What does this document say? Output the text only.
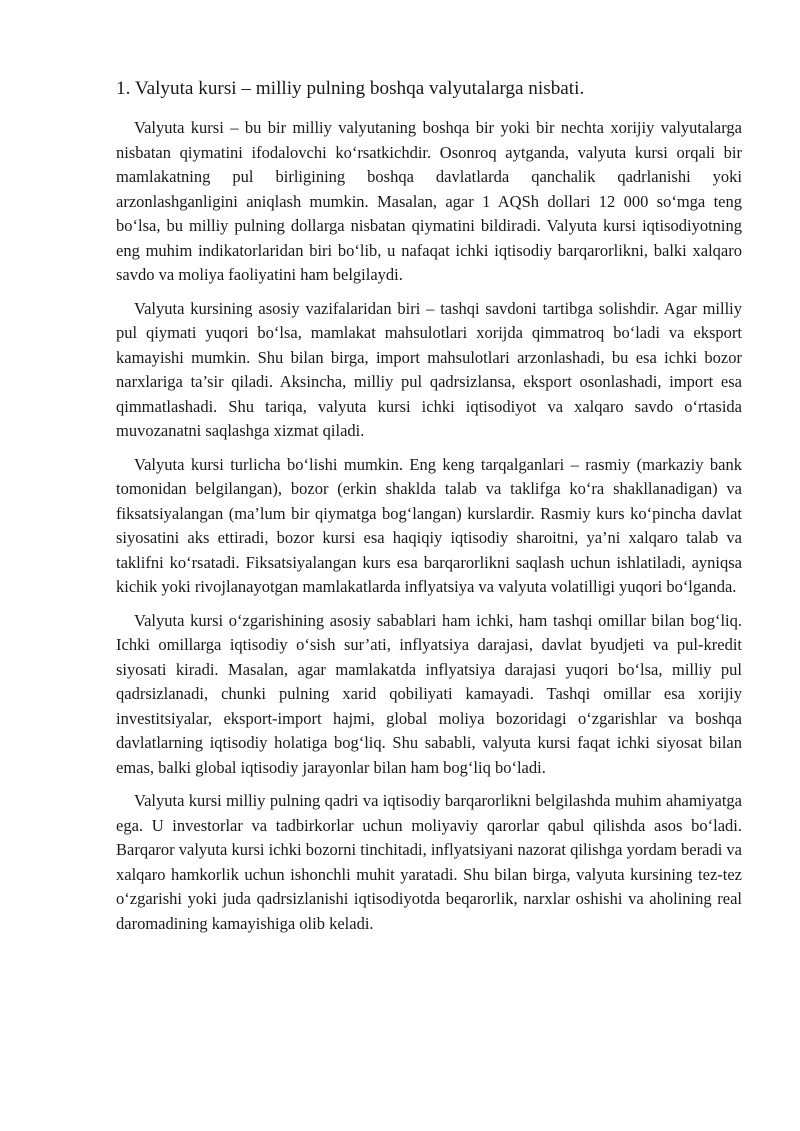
1. Valyuta kursi – milliy pulning boshqa valyutalarga nisbati.

Valyuta kursi – bu bir milliy valyutaning boshqa bir yoki bir nechta xorijiy valyutalarga nisbatan qiymatini ifodalovchi ko‘rsatkichdir. Osonroq aytganda, valyuta kursi orqali bir mamlakatning pul birligining boshqa davlatlarda qanchalik qadrlanishi yoki arzonlashganligini aniqlash mumkin. Masalan, agar 1 AQSh dollari 12 000 so‘mga teng bo‘lsa, bu milliy pulning dollarga nisbatan qiymatini bildiradi. Valyuta kursi iqtisodiyotning eng muhim indikatorlaridan biri bo‘lib, u nafaqat ichki iqtisodiy barqarorlikni, balki xalqaro savdo va moliya faoliyatini ham belgilaydi.

Valyuta kursining asosiy vazifalaridan biri – tashqi savdoni tartibga solishdir. Agar milliy pul qiymati yuqori bo‘lsa, mamlakat mahsulotlari xorijda qimmatroq bo‘ladi va eksport kamayishi mumkin. Shu bilan birga, import mahsulotlari arzonlashadi, bu esa ichki bozor narxlariga ta’sir qiladi. Aksincha, milliy pul qadrsizlansa, eksport osonlashadi, import esa qimmatlashadi. Shu tariqa, valyuta kursi ichki iqtisodiyot va xalqaro savdo o‘rtasida muvozanatni saqlashga xizmat qiladi.

Valyuta kursi turlicha bo‘lishi mumkin. Eng keng tarqalganlari – rasmiy (markaziy bank tomonidan belgilangan), bozor (erkin shaklda talab va taklifga ko‘ra shakllanadigan) va fiksatsiyalangan (ma’lum bir qiymatga bog‘langan) kurslardir. Rasmiy kurs ko‘pincha davlat siyosatini aks ettiradi, bozor kursi esa haqiqiy iqtisodiy sharoitni, ya’ni xalqaro talab va taklifni ko‘rsatadi. Fiksatsiyalangan kurs esa barqarorlikni saqlash uchun ishlatiladi, ayniqsa kichik yoki rivojlanayotgan mamlakatlarda inflyatsiya va valyuta volatilligi yuqori bo‘lganda.

Valyuta kursi o‘zgarishining asosiy sabablari ham ichki, ham tashqi omillar bilan bog‘liq. Ichki omillarga iqtisodiy o‘sish sur’ati, inflyatsiya darajasi, davlat byudjeti va pul-kredit siyosati kiradi. Masalan, agar mamlakatda inflyatsiya darajasi yuqori bo‘lsa, milliy pul qadrsizlanadi, chunki pulning xarid qobiliyati kamayadi. Tashqi omillar esa xorijiy investitsiyalar, eksport-import hajmi, global moliya bozoridagi o‘zgarishlar va boshqa davlatlarning iqtisodiy holatiga bog‘liq. Shu sababli, valyuta kursi faqat ichki siyosat bilan emas, balki global iqtisodiy jarayonlar bilan ham bog‘liq bo‘ladi.

Valyuta kursi milliy pulning qadri va iqtisodiy barqarorlikni belgilashda muhim ahamiyatga ega. U investorlar va tadbirkorlar uchun moliyaviy qarorlar qabul qilishda asos bo‘ladi. Barqaror valyuta kursi ichki bozorni tinchitadi, inflyatsiyani nazorat qilishga yordam beradi va xalqaro hamkorlik uchun ishonchli muhit yaratadi. Shu bilan birga, valyuta kursining tez-tez o‘zgarishi yoki juda qadrsizlanishi iqtisodiyotda beqarorlik, narxlar oshishi va aholining real daromadining kamayishiga olib keladi.
